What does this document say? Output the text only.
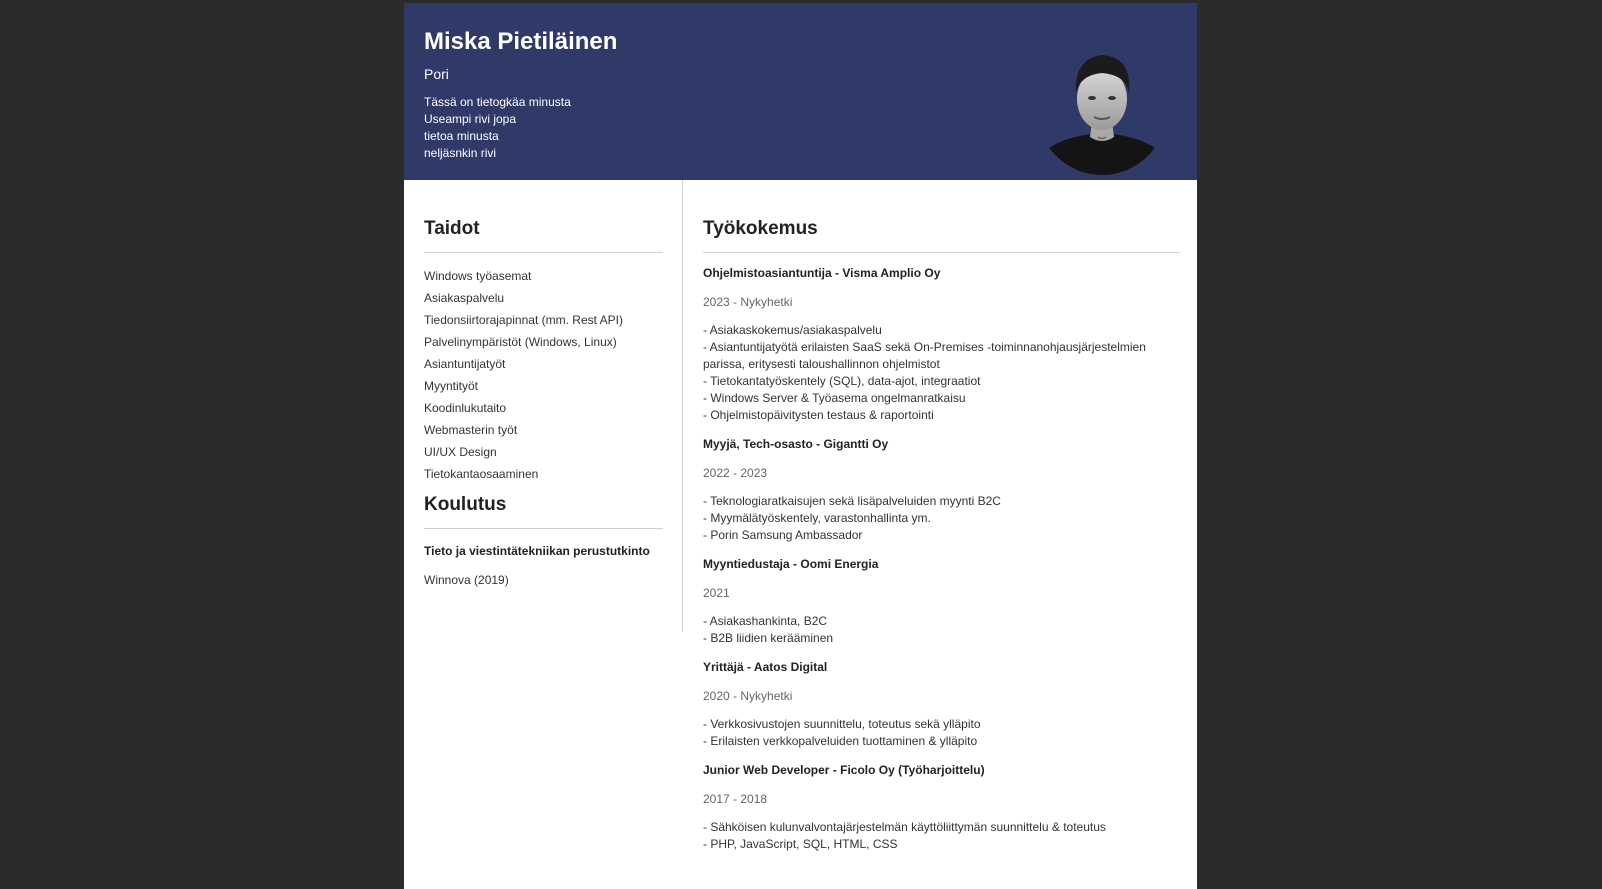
Miska Pietiläinen
Pori
Tässä on tietogkäa minusta
Useampi rivi jopa
tietoa minusta
neljäsnkin rivi
Taidot
Windows työasemat
Asiakaspalvelu
Tiedonsiirtorajapinnat (mm. Rest API)
Palvelinympäristöt (Windows, Linux)
Asiantuntijatyöt
Myyntityöt
Koodinlukutaito
Webmasterin työt
UI/UX Design
Tietokantaosaaminen
Koulutus
Tieto ja viestintätekniikan perustutkinto
Winnova (2019)
Työkokemus
Ohjelmistoasiantuntija - Visma Amplio Oy
2023 - Nykyhetki
- Asiakaskokemus/asiakaspalvelu
- Asiantuntijatyötä erilaisten SaaS sekä On-Premises -toiminnanohjausjärjestelmien parissa, eritysesti taloushallinnon ohjelmistot
- Tietokantatyöskentely (SQL), data-ajot, integraatiot
- Windows Server & Työasema ongelmanratkaisu
- Ohjelmistopäivitysten testaus & raportointi
Myyjä, Tech-osasto - Gigantti Oy
2022 - 2023
- Teknologiaratkaisujen sekä lisäpalveluiden myynti B2C
- Myymälätyöskentely, varastonhallinta ym.
- Porin Samsung Ambassador
Myyntiedustaja - Oomi Energia
2021
- Asiakashankinta, B2C
- B2B liidien kerääminen
Yrittäjä - Aatos Digital
2020 - Nykyhetki
- Verkkosivustojen suunnittelu, toteutus sekä ylläpito
- Erilaisten verkkopalveluiden tuottaminen & ylläpito
Junior Web Developer - Ficolo Oy (Työharjoittelu)
2017 - 2018
- Sähköisen kulunvalvontajärjestelmän käyttöliittymän suunnittelu & toteutus
- PHP, JavaScript, SQL, HTML, CSS
